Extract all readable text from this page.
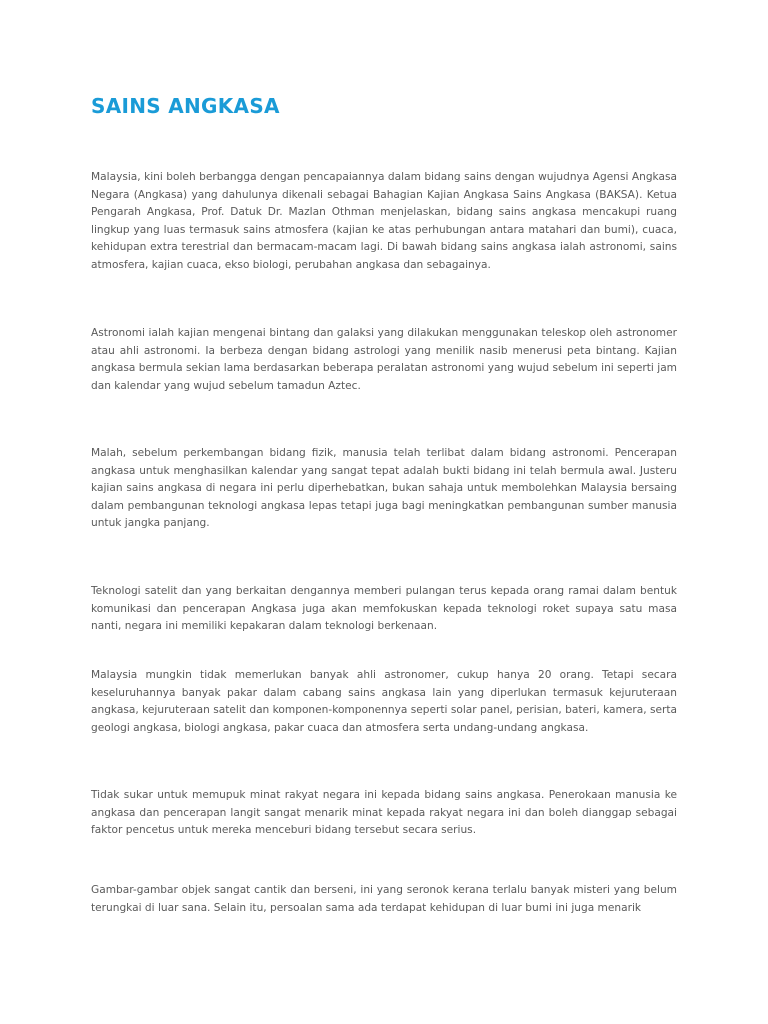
SAINS ANGKASA

Malaysia, kini boleh berbangga dengan pencapaiannya dalam bidang sains dengan wujudnya Agensi Angkasa Negara (Angkasa) yang dahulunya dikenali sebagai Bahagian Kajian Angkasa Sains Angkasa (BAKSA). Ketua Pengarah Angkasa, Prof. Datuk Dr. Mazlan Othman menjelaskan, bidang sains angkasa mencakupi ruang lingkup yang luas termasuk sains atmosfera (kajian ke atas perhubungan antara matahari dan bumi), cuaca, kehidupan extra terestrial dan bermacam-macam lagi. Di bawah bidang sains angkasa ialah astronomi, sains atmosfera, kajian cuaca, ekso biologi, perubahan angkasa dan sebagainya.

Astronomi ialah kajian mengenai bintang dan galaksi yang dilakukan menggunakan teleskop oleh astronomer atau ahli astronomi. Ia berbeza dengan bidang astrologi yang menilik nasib menerusi peta bintang. Kajian angkasa bermula sekian lama berdasarkan beberapa peralatan astronomi yang wujud sebelum ini seperti jam dan kalendar yang wujud sebelum tamadun Aztec.

Malah, sebelum perkembangan bidang fizik, manusia telah terlibat dalam bidang astronomi. Pencerapan angkasa untuk menghasilkan kalendar yang sangat tepat adalah bukti bidang ini telah bermula awal. Justeru kajian sains angkasa di negara ini perlu diperhebatkan, bukan sahaja untuk membolehkan Malaysia bersaing dalam pembangunan teknologi angkasa lepas tetapi juga bagi meningkatkan pembangunan sumber manusia untuk jangka panjang.

Teknologi satelit dan yang berkaitan dengannya memberi pulangan terus kepada orang ramai dalam bentuk komunikasi dan pencerapan Angkasa juga akan memfokuskan kepada teknologi roket supaya satu masa nanti, negara ini memiliki kepakaran dalam teknologi berkenaan.

Malaysia mungkin tidak memerlukan banyak ahli astronomer, cukup hanya 20 orang. Tetapi secara keseluruhannya banyak pakar dalam cabang sains angkasa lain yang diperlukan termasuk kejuruteraan angkasa, kejuruteraan satelit dan komponen-komponennya seperti solar panel, perisian, bateri, kamera, serta geologi angkasa, biologi angkasa, pakar cuaca dan atmosfera serta undang-undang angkasa.

Tidak sukar untuk memupuk minat rakyat negara ini kepada bidang sains angkasa. Penerokaan manusia ke angkasa dan pencerapan langit sangat menarik minat kepada rakyat negara ini dan boleh dianggap sebagai faktor pencetus untuk mereka menceburi bidang tersebut secara serius.

Gambar-gambar objek sangat cantik dan berseni, ini yang seronok kerana terlalu banyak misteri yang belum terungkai di luar sana. Selain itu, persoalan sama ada terdapat kehidupan di luar bumi ini juga menarik
